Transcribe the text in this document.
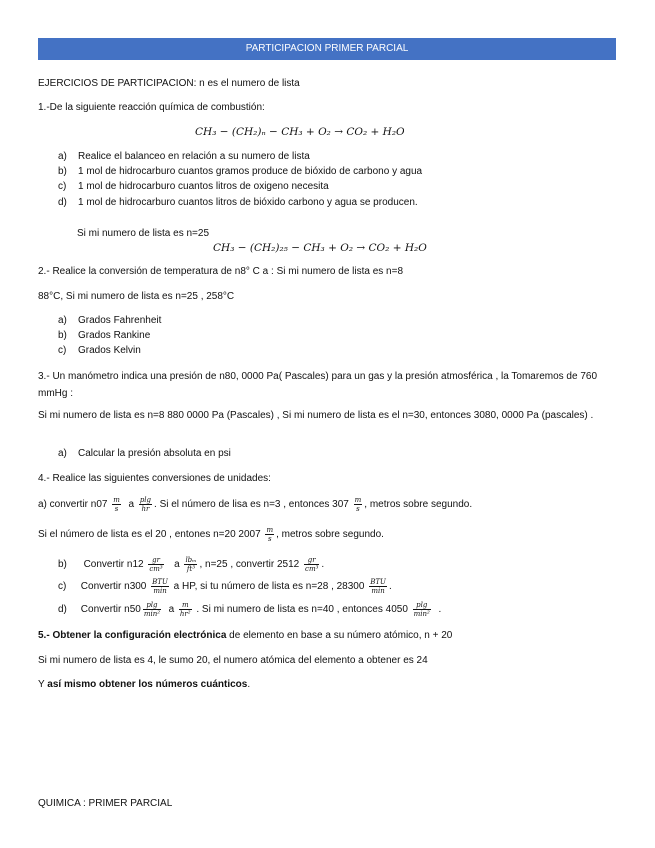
PARTICIPACION PRIMER PARCIAL
EJERCICIOS DE PARTICIPACION: n es el numero de lista
1.-De la siguiente reacción química de combustión:
CH₃ − (CH₂)ₙ − CH₃ + O₂ → CO₂ + H₂O
a) Realice el balanceo en relación a su numero de lista
b) 1 mol de hidrocarburo cuantos gramos produce de bióxido de carbono y agua
c) 1 mol de hidrocarburo cuantos litros de oxigeno necesita
d) 1 mol de hidrocarburo cuantos litros de bióxido carbono y agua se producen.
Si mi numero de lista es n=25
CH₃ − (CH₂)₂₅ − CH₃ + O₂ → CO₂ + H₂O
2.- Realice la conversión de temperatura de n8° C a : Si mi numero de lista es n=8
88°C, Si mi numero de lista es n=25 , 258°C
a) Grados Fahrenheit
b) Grados Rankine
c) Grados Kelvin
3.- Un manómetro indica una presión de n80, 0000 Pa( Pascales) para un gas y la presión atmosférica , la Tomaremos de 760 mmHg :
Si mi numero de lista es n=8 880 0000 Pa (Pascales) , Si mi numero de lista es el n=30, entonces 3080, 0000 Pa (pascales) .
a) Calcular la presión absoluta en psi
4.- Realice las siguientes conversiones de unidades:
a) convertir $n07 \frac{m}{s}$ a $\frac{plg}{hr}$ . Si el número de lisa es n=3 , entonces $307 \frac{m}{s}$ , metros sobre segundo.
Si el número de lista es el 20 , entones n=20 $2007 \frac{m}{s}$ , metros sobre segundo.
b) Convertir $n12 \frac{gr}{\text{cm³}}$ a $\frac{\text{lbₘ}}{\text{ft³}}$ , n=25 , convertir $2512 \frac{gr}{\text{cm³}}$ .
c) Convertir $n300 \frac{\text{BTU}}{\min}$ a HP, si tu número de lista es n=28 , $28300 \frac{\text{BTU}}{\min}$ .
d) Convertir $n50 \frac{plg}{\text{min²}}$ a $\frac{m}{\text{hr²}}$ . Si mi numero de lista es n=40 , entonces $4050 \frac{plg}{\text{min²}}$ .
5.- Obtener la configuración electrónica de elemento en base a su número atómico, n + 20
Si mi numero de lista es 4, le sumo 20, el numero atómica del elemento a obtener es 24
Y así mismo obtener los números cuánticos.
QUIMICA : PRIMER PARCIAL
